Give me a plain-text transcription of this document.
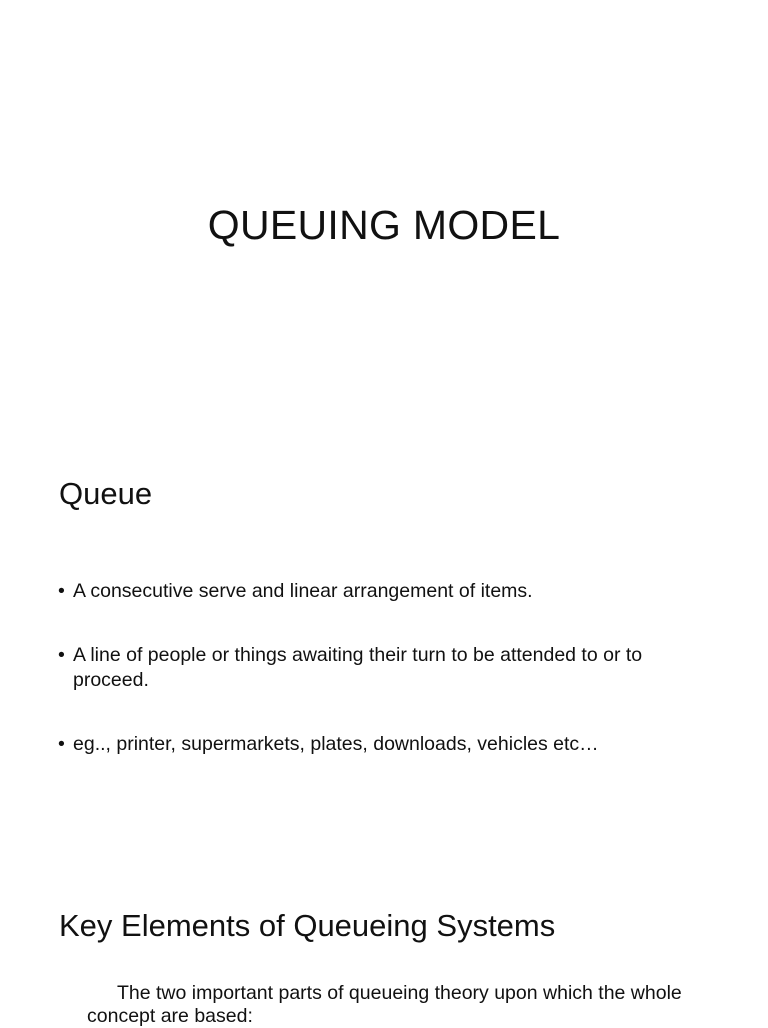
QUEUING MODEL
Queue
• A consecutive serve and linear arrangement of items.
• A line of people or things awaiting their turn to be attended to or to proceed.
• eg.., printer, supermarkets, plates, downloads, vehicles etc…
Key Elements of Queueing Systems

The two important parts of queueing theory upon which the whole concept are based:
